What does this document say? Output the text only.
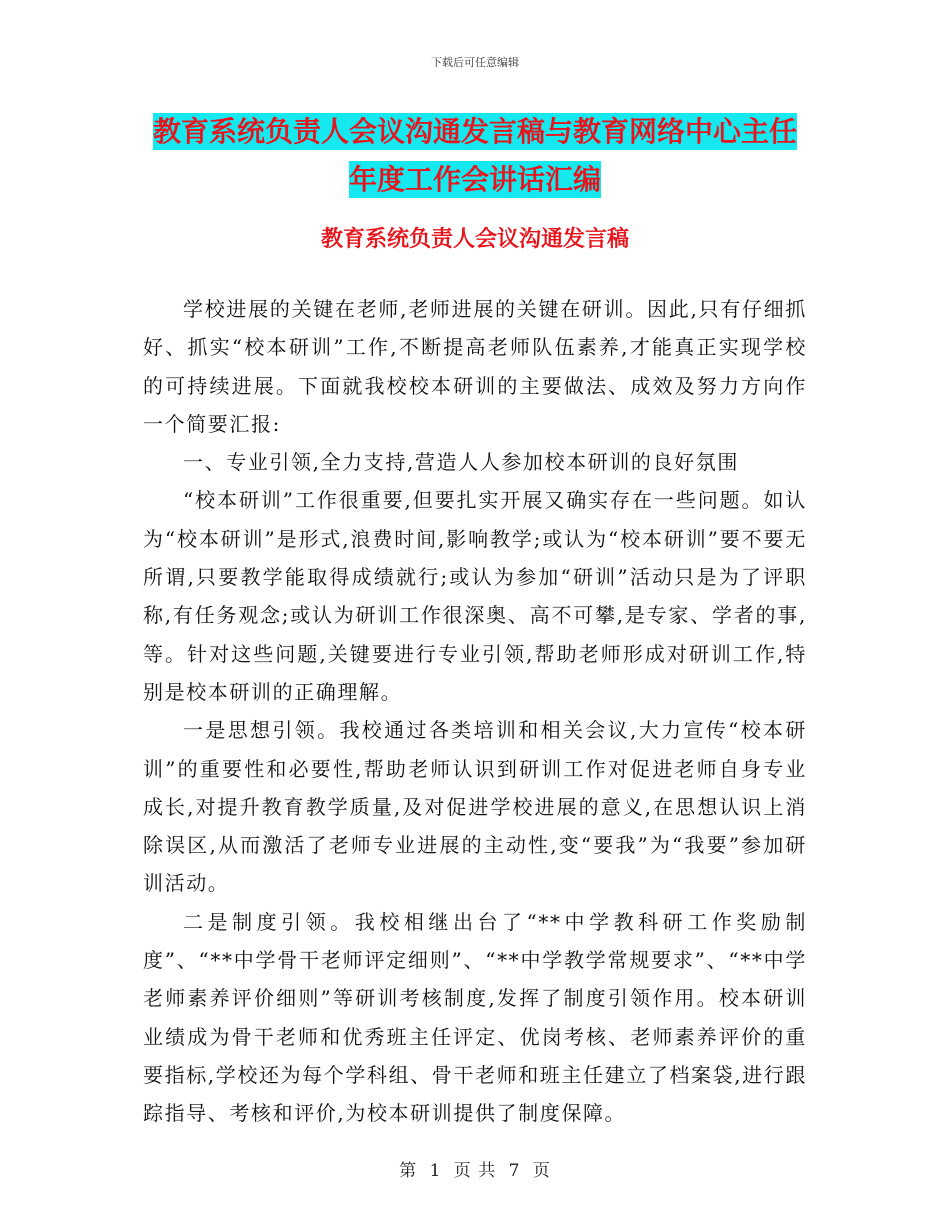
下载后可任意编辑
教育系统负责人会议沟通发言稿与教育网络中心主任
年度工作会讲话汇编
教育系统负责人会议沟通发言稿

学校进展的关键在老师,老师进展的关键在研训。因此,只有仔细抓好、抓实“校本研训”工作,不断提高老师队伍素养,才能真正实现学校的可持续进展。下面就我校校本研训的主要做法、成效及努力方向作一个简要汇报:

一、专业引领,全力支持,营造人人参加校本研训的良好氛围

“校本研训”工作很重要,但要扎实开展又确实存在一些问题。如认为“校本研训”是形式,浪费时间,影响教学;或认为“校本研训”要不要无所谓,只要教学能取得成绩就行;或认为参加“研训”活动只是为了评职称,有任务观念;或认为研训工作很深奥、高不可攀,是专家、学者的事,等。针对这些问题,关键要进行专业引领,帮助老师形成对研训工作,特别是校本研训的正确理解。

一是思想引领。我校通过各类培训和相关会议,大力宣传“校本研训”的重要性和必要性,帮助老师认识到研训工作对促进老师自身专业成长,对提升教育教学质量,及对促进学校进展的意义,在思想认识上消除误区,从而激活了老师专业进展的主动性,变“要我”为“我要”参加研训活动。

二是制度引领。我校相继出台了“**中学教科研工作奖励制度”、“**中学骨干老师评定细则”、“**中学教学常规要求”、“**中学老师素养评价细则”等研训考核制度,发挥了制度引领作用。校本研训业绩成为骨干老师和优秀班主任评定、优岗考核、老师素养评价的重要指标,学校还为每个学科组、骨干老师和班主任建立了档案袋,进行跟踪指导、考核和评价,为校本研训提供了制度保障。

第 1 页 共 7 页
